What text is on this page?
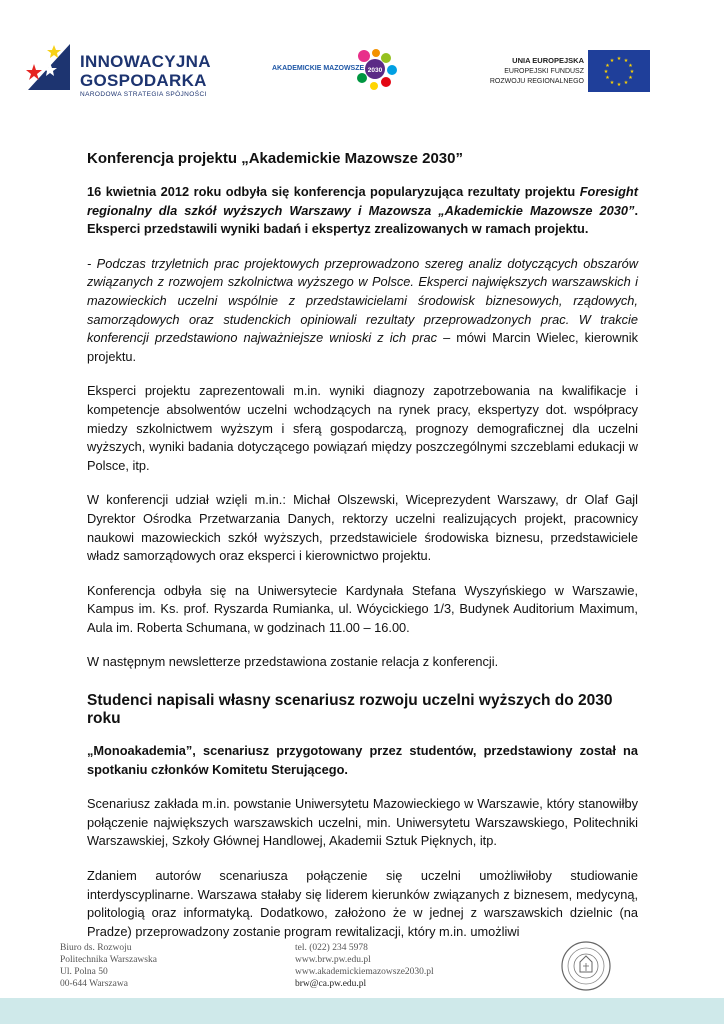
INNOWACYJNA
GOSPODARKA
NARODOWA STRATEGIA SPÓJNOŚCI
AKADEMICKIE MAZOWSZE 2030
UNIA EUROPEJSKA
EUROPEJSKI FUNDUSZ
ROZWOJU REGIONALNEGO
★ ★
★
★
★
★
★
★
★
★
★
★
Konferencja projektu „Akademickie Mazowsze 2030”

16 kwietnia 2012 roku odbyła się konferencja popularyzująca rezultaty projektu Foresight regionalny dla szkół wyższych Warszawy i Mazowsza „Akademickie Mazowsze 2030”. Eksperci przedstawili wyniki badań i ekspertyz zrealizowanych w ramach projektu.

- Podczas trzyletnich prac projektowych przeprowadzono szereg analiz dotyczących obszarów związanych z rozwojem szkolnictwa wyższego w Polsce. Eksperci największych warszawskich i mazowieckich uczelni wspólnie z przedstawicielami środowisk biznesowych, rządowych, samorządowych oraz studenckich opiniowali rezultaty przeprowadzonych prac. W trakcie konferencji przedstawiono najważniejsze wnioski z ich prac – mówi Marcin Wielec, kierownik projektu.

Eksperci projektu zaprezentowali m.in. wyniki diagnozy zapotrzebowania na kwalifikacje i kompetencje absolwentów uczelni wchodzących na rynek pracy, ekspertyzy dot. współpracy miedzy szkolnictwem wyższym i sferą gospodarczą, prognozy demograficznej dla uczelni wyższych, wyniki badania dotyczącego powiązań między poszczególnymi szczeblami edukacji w Polsce, itp.

W konferencji udział wzięli m.in.: Michał Olszewski, Wiceprezydent Warszawy, dr Olaf Gajl Dyrektor Ośrodka Przetwarzania Danych, rektorzy uczelni realizujących projekt, pracownicy naukowi mazowieckich szkół wyższych, przedstawiciele środowiska biznesu, przedstawiciele władz samorządowych oraz eksperci i kierownictwo projektu.

Konferencja odbyła się na Uniwersytecie Kardynała Stefana Wyszyńskiego w Warszawie, Kampus im. Ks. prof. Ryszarda Rumianka, ul. Wóycickiego 1/3, Budynek Auditorium Maximum, Aula im. Roberta Schumana, w godzinach 11.00 – 16.00.

W następnym newsletterze przedstawiona zostanie relacja z konferencji.

Studenci napisali własny scenariusz rozwoju uczelni wyższych do 2030 roku

„Monoakademia”, scenariusz przygotowany przez studentów, przedstawiony został na spotkaniu członków Komitetu Sterującego.

Scenariusz zakłada m.in. powstanie Uniwersytetu Mazowieckiego w Warszawie, który stanowiłby połączenie największych warszawskich uczelni, min. Uniwersytetu Warszawskiego, Politechniki Warszawskiej, Szkoły Głównej Handlowej, Akademii Sztuk Pięknych, itp.

Zdaniem autorów scenariusza połączenie się uczelni umożliwiłoby studiowanie interdyscyplinarne. Warszawa stałaby się liderem kierunków związanych z biznesem, medycyną, politologią oraz informatyką. Dodatkowo, założono że w jednej z warszawskich dzielnic (na Pradze) przeprowadzony zostanie program rewitalizacji, który m.in. umożliwi

Biuro ds. Rozwoju
Politechnika Warszawska
Ul. Polna 50
00-644 Warszawa
tel. (022) 234 5978
www.brw.pw.edu.pl
www.akademickiemazowsze2030.pl
brw@ca.pw.edu.pl
